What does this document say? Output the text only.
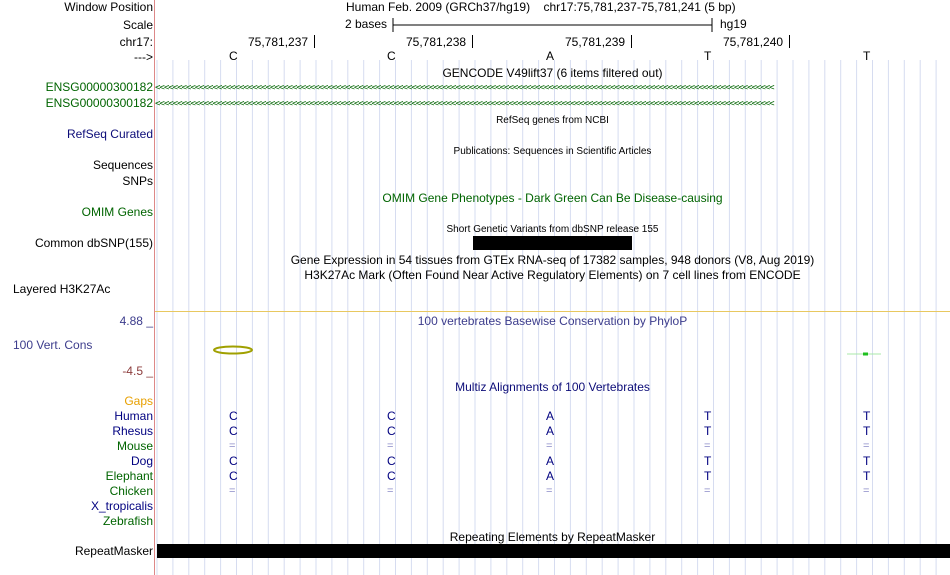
Window Position	Human Feb. 2009 (GRCh37/hg19)    chr17:75,781,237-75,781,241 (5 bp)
Scale	2 bases	hg19
chr17:	75,781,237	75,781,238	75,781,239	75,781,240
--->	C	C	A	T	T
GENCODE V49lift37 (6 items filtered out)
ENSG00000300182 <<<<<<<<<<<<<<<<<<<<<<<<<<<<<<<<<<<<<<<<<<<<<<<<<<<<<<<<<<<<<<<<<<<<<<<<<<<<<<<<<<<<<<<<<<<<<<<<<<<<<<<<<<<<<<<<<<<<<<<<<<<<<<<<<<<<<<<<<<<<
ENSG00000300182 <<<<<<<<<<<<<<<<<<<<<<<<<<<<<<<<<<<<<<<<<<<<<<<<<<<<<<<<<<<<<<<<<<<<<<<<<<<<<<<<<<<<<<<<<<<<<<<<<<<<<<<<<<<<<<<<<<<<<<<<<<<<<<<<<<<<<<<<<<<<
RefSeq genes from NCBI
RefSeq Curated
Publications: Sequences in Scientific Articles
Sequences
SNPs
OMIM Gene Phenotypes - Dark Green Can Be Disease-causing
OMIM Genes
Short Genetic Variants from dbSNP release 155
Common dbSNP(155)
Gene Expression in 54 tissues from GTEx RNA-seq of 17382 samples, 948 donors (V8, Aug 2019)
H3K27Ac Mark (Often Found Near Active Regulatory Elements) on 7 cell lines from ENCODE
Layered H3K27Ac
4.88 _	100 vertebrates Basewise Conservation by PhyloP
100 Vert. Cons
-4.5 _
Multiz Alignments of 100 Vertebrates
Gaps
Human	C	C	A	T	T
Rhesus	C	C	A	T	T
Mouse	=	=	=	=	=
Dog	C	C	A	T	T
Elephant	C	C	A	T	T
Chicken	=	=	=	=	=
X_tropicalis
Zebrafish
Repeating Elements by RepeatMasker
RepeatMasker
